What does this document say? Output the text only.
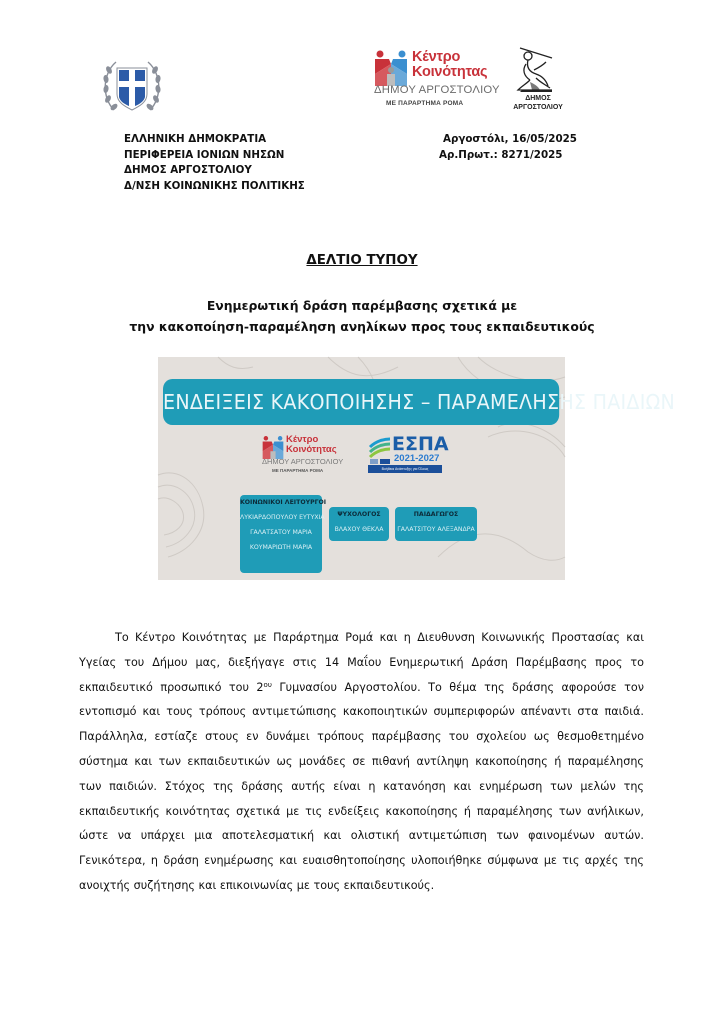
Κέντρο
Κοινότητας
ΔΗΜΟΥ ΑΡΓΟΣΤΟΛΙΟΥ
ΜΕ ΠΑΡΑΡΤΗΜΑ ΡΟΜΑ
ΔΗΜΟΣ
ΑΡΓΟΣΤΟΛΙΟΥ
ΕΛΛΗΝΙΚΗ ΔΗΜΟΚΡΑΤΙΑ
ΠΕΡΙΦΕΡΕΙΑ ΙΟΝΙΩΝ ΝΗΣΩΝ
ΔΗΜΟΣ ΑΡΓΟΣΤΟΛΙΟΥ
Δ/ΝΣΗ ΚΟΙΝΩΝΙΚΗΣ ΠΟΛΙΤΙΚΗΣ
Αργοστόλι, 16/05/2025
Αρ.Πρωτ.: 8271/2025
ΔΕΛΤΙΟ ΤΥΠΟΥ
Ενημερωτική δράση παρέμβασης σχετικά με
την κακοποίηση-παραμέληση ανηλίκων προς τους εκπαιδευτικούς
ΕΝΔΕΙΞΕΙΣ ΚΑΚΟΠΟΙΗΣΗΣ – ΠΑΡΑΜΕΛΗΣΗΣ ΠΑΙΔΙΩΝ
Κέντρο
Κοινότητας
ΔΗΜΟΥ ΑΡΓΟΣΤΟΛΙΟΥ
ΜΕ ΠΑΡΑΡΤΗΜΑ ΡΟΜΑ
ΕΣΠΑ
2021-2027
Βοήθεια Ανάπτυξης για Όλους
ΚΟΙΝΩΝΙΚΟΙ ΛΕΙΤΟΥΡΓΟΙ
ΛΥΚΙΑΡΔΟΠΟΥΛΟΥ ΕΥΤΥΧΙΑ
ΓΑΛΑΤΣΑΤΟΥ ΜΑΡΙΑ
ΚΟΥΜΑΡΙΩΤΗ ΜΑΡΙΑ
ΨΥΧΟΛΟΓΟΣ
ΒΛΑΧΟΥ ΘΕΚΛΑ
ΠΑΙΔΑΓΩΓΟΣ
ΓΑΛΑΤΣΙΤΟΥ ΑΛΕΞΑΝΔΡΑ
Το Κέντρο Κοινότητας με Παράρτημα Ρομά και η Διευθυνση Κοινωνικής Προστασίας και
Υγείας του Δήμου μας, διεξήγαγε στις 14 Μαΐου Ενημερωτική Δράση Παρέμβασης προς το
εκπαιδευτικό προσωπικό του $2^{o\upsilon}$ Γυμνασίου Αργοστολίου. Το θέμα της δράσης αφορούσε τον
εντοπισμό και τους τρόπους αντιμετώπισης κακοποιητικών συμπεριφορών απέναντι στα παιδιά.
Παράλληλα, εστίαζε στους εν δυνάμει τρόπους παρέμβασης του σχολείου ως θεσμοθετημένο
σύστημα και των εκπαιδευτικών ως μονάδες σε πιθανή αντίληψη κακοποίησης ή παραμέλησης
των παιδιών. Στόχος της δράσης αυτής είναι η κατανόηση και ενημέρωση των μελών της
εκπαιδευτικής κοινότητας σχετικά με τις ενδείξεις κακοποίησης ή παραμέλησης των ανήλικων,
ώστε να υπάρχει μια αποτελεσματική και ολιστική αντιμετώπιση των φαινομένων αυτών.
Γενικότερα, η δράση ενημέρωσης και ευαισθητοποίησης υλοποιήθηκε σύμφωνα με τις αρχές της
ανοιχτής συζήτησης και επικοινωνίας με τους εκπαιδευτικούς.
